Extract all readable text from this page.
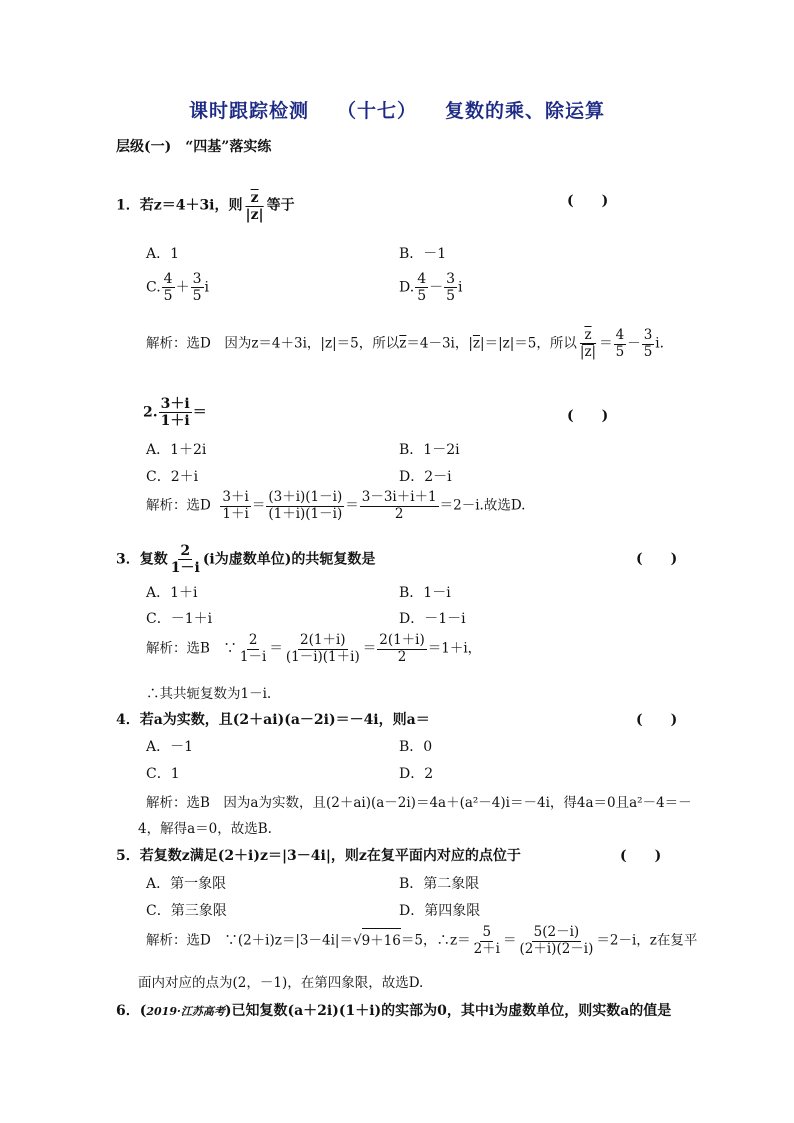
课时跟踪检测 （十七） 复数的乘、除运算
层级(一)　“四基”落实练
1．若z＝4＋3i，则 $\frac{\overline{z}}{|z|}$ 等于	(　　)
A．1	B．－1
C. $\frac{4}{5} + \frac{3}{5}$ i	D. $\frac{4}{5} - \frac{3}{5}$ i
解析：选D　因为z＝4＋3i，|z|＝5，所以$\overline{z}=4-3i$，$|\overline{z}|=|z|=5$，所以 $\frac{\overline{z}}{|z|} = \frac{4}{5} - \frac{3}{5} i$.
2. $\frac{3+i}{1+i}$ ＝	(　　)
A．1＋2i	B．1－2i
C．2＋i	D．2－i
解析：选D $\frac{3+i}{1+i} = \frac{(3+i)(1-i)}{(1+i)(1-i)} = \frac{3-3i+i+1}{2} =2-i$.故选D.
3．复数 $\frac{2}{1-i} (i$为虚数单位)的共轭复数是	(　　)
A．1＋i	B．1－i
C．－1＋i	D．－1－i
解析：选B　∵ $\frac{2}{1-i} = \frac{2(1+i)}{(1-i)(1+i)} = \frac{2(1+i)}{2} =1+i$，
∴其共轭复数为1－i.
4．若a为实数，且(2＋ai)(a－2i)＝－4i，则a＝	(　　)
A．－1	B．0
C．1	D．2
解析：选B　因为a为实数，且(2＋ai)(a－2i)＝4a＋(a²－4)i＝－4i，得4a＝0且a²－4＝－
4，解得a＝0，故选B.
5．若复数z满足(2＋i)z＝|3－4i|，则z在复平面内对应的点位于	(　　)
A．第一象限	B．第二象限
C．第三象限	D．第四象限
解析：选D　∵(2＋i)z＝|3－4i|＝√9＋16＝5，∴z＝ $\frac{5}{2+i} = \frac{5(2-i)}{(2+i)(2-i)} =2-i$，z在复平
面内对应的点为(2，－1)，在第四象限，故选D.
6．(2019·江苏高考)已知复数(a＋2i)(1＋i)的实部为0，其中i为虚数单位，则实数a的值是
